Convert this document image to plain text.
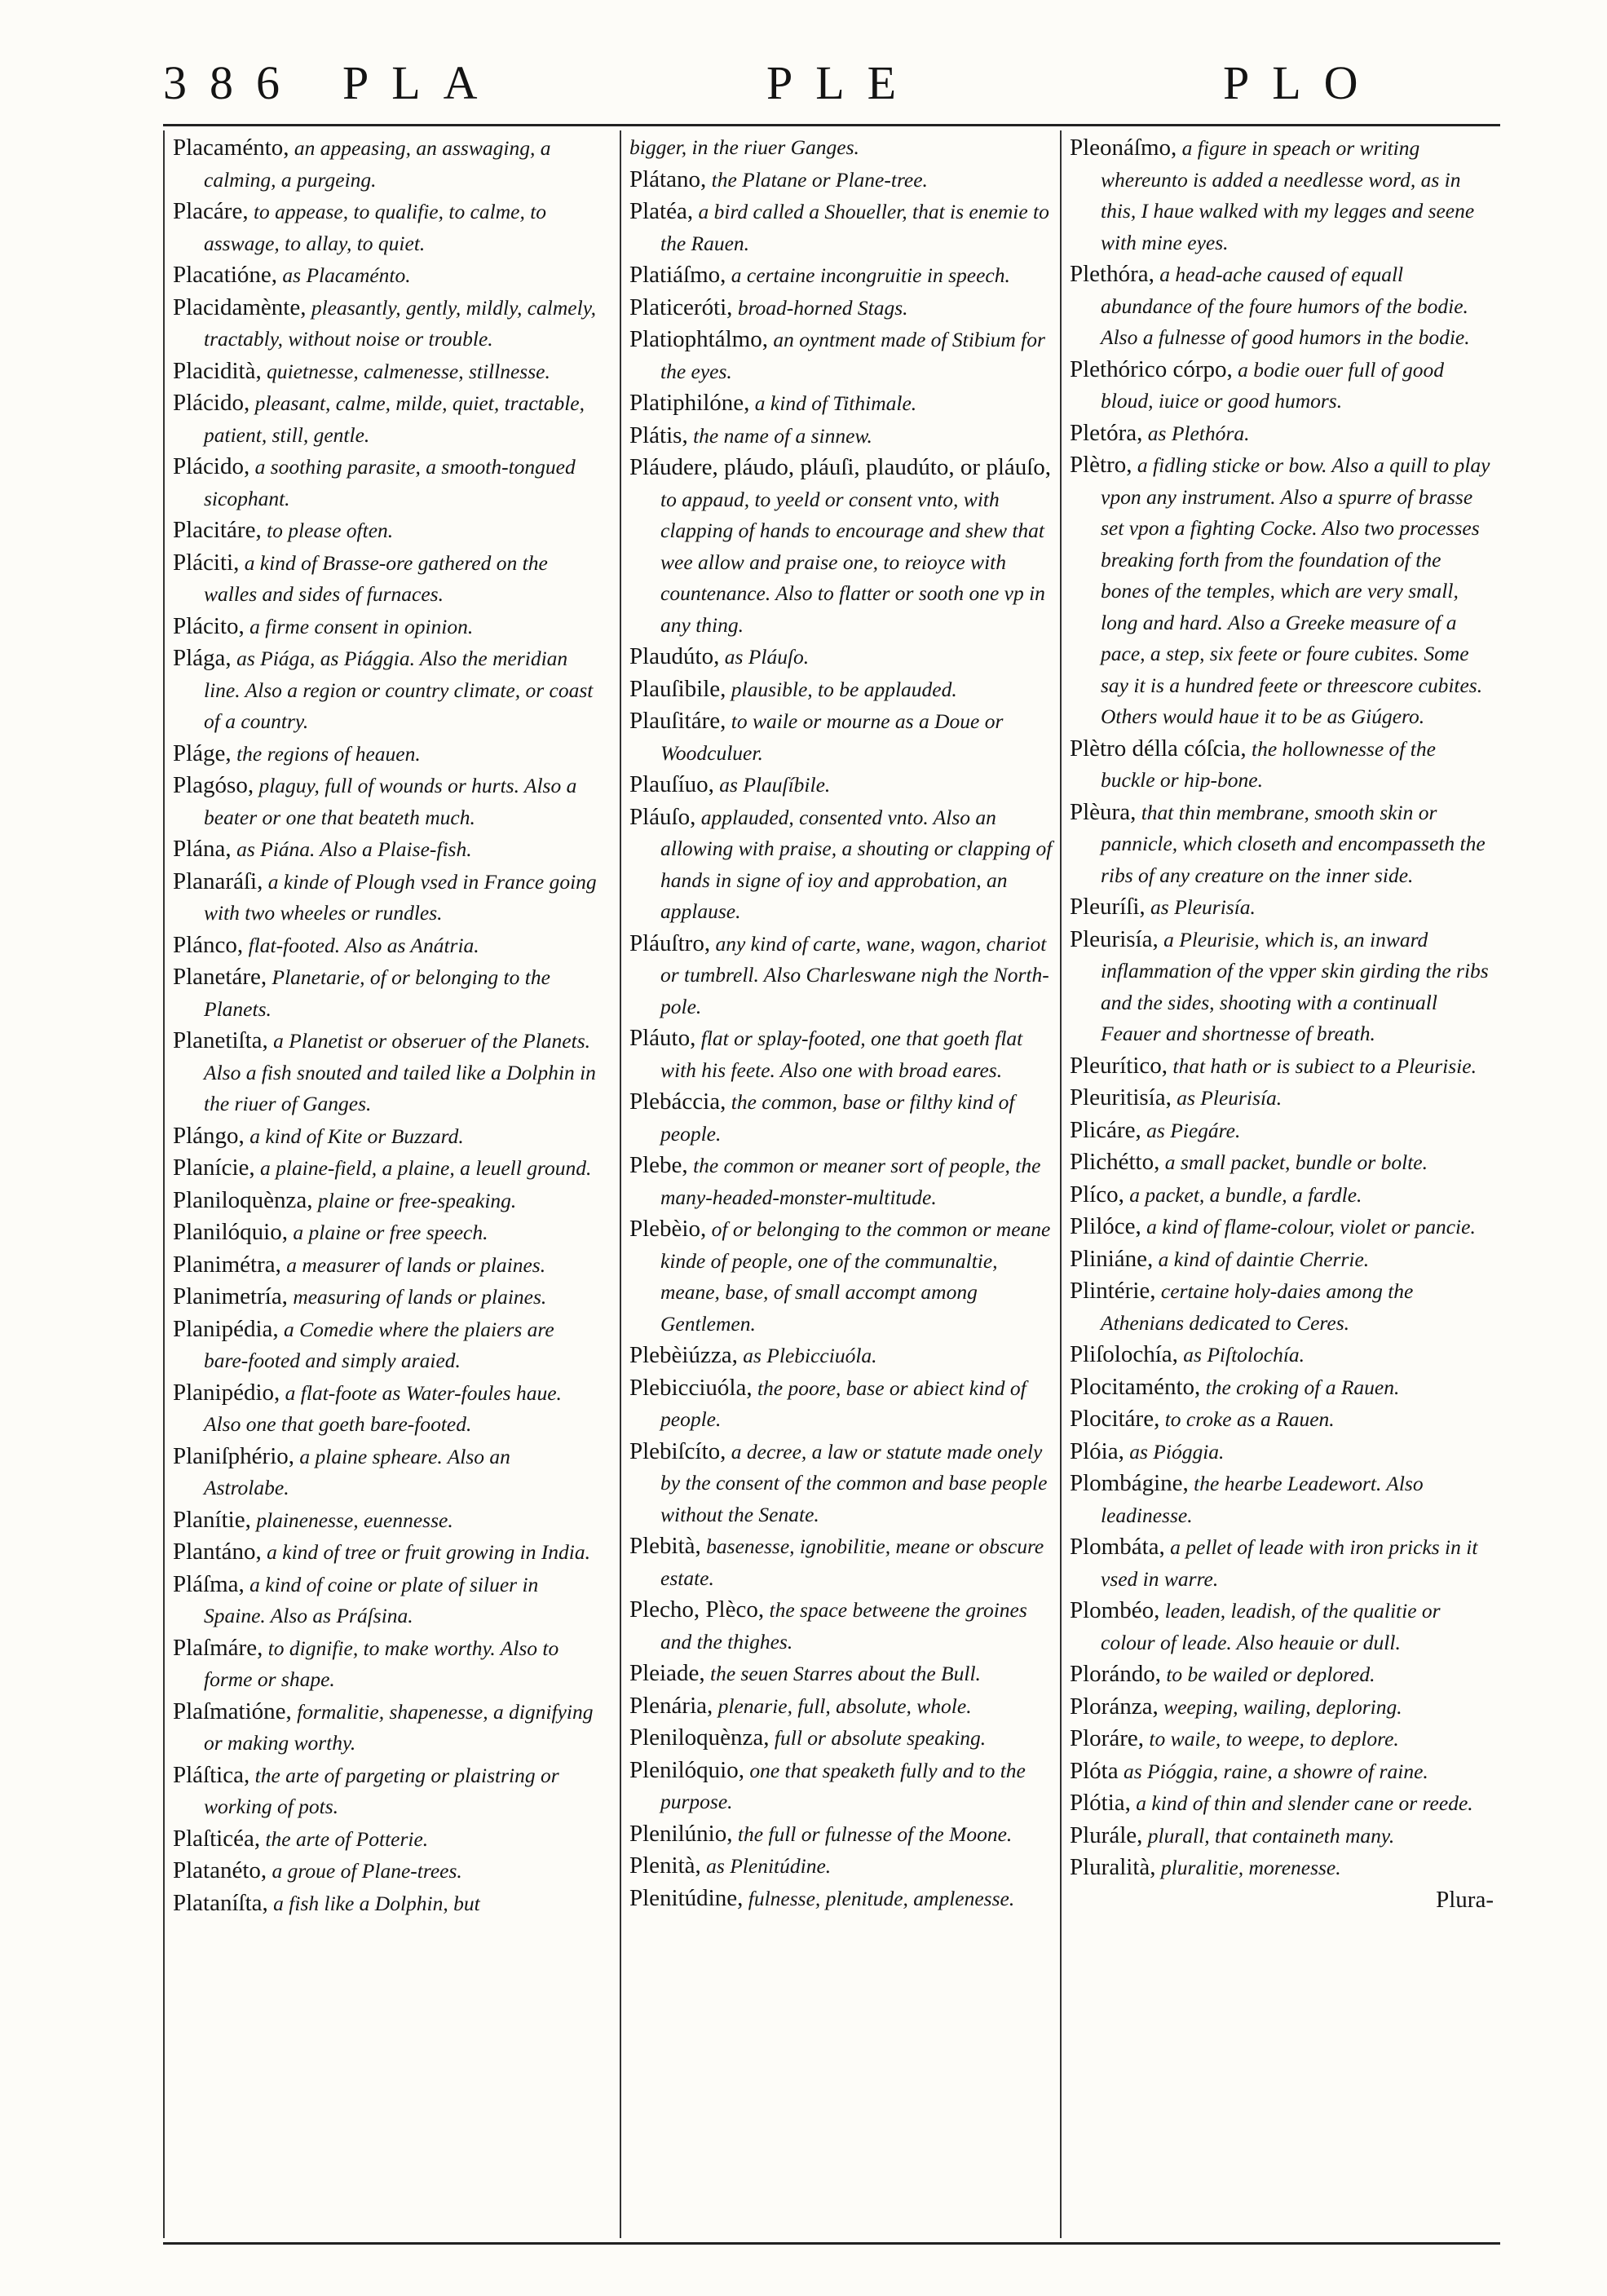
386 PLA	PLE	PLO

Placaménto, an appeasing, an asswaging, a calming, a purgeing.

Placáre, to appease, to qualifie, to calme, to asswage, to allay, to quiet.

Placatióne, as Placaménto.

Placidamènte, pleasantly, gently, mildly, calmely, tractably, without noise or trouble.

Placidità, quietnesse, calmenesse, stillnesse.

Plácido, pleasant, calme, milde, quiet, tractable, patient, still, gentle.

Plácido, a soothing parasite, a smooth-tongued sicophant.

Placitáre, to please often.

Pláciti, a kind of Brasse-ore gathered on the walles and sides of furnaces.

Plácito, a firme consent in opinion.

Plága, as Piága, as Piággia. Also the meridian line. Also a region or country climate, or coast of a country.

Pláge, the regions of heauen.

Plagóso, plaguy, full of wounds or hurts. Also a beater or one that beateth much.

Plána, as Piána. Also a Plaise-fish.

Planaráſi, a kinde of Plough vsed in France going with two wheeles or rundles.

Plánco, flat-footed. Also as Anátria.

Planetáre, Planetarie, of or belonging to the Planets.

Planetiſta, a Planetist or obseruer of the Planets. Also a fish snouted and tailed like a Dolphin in the riuer of Ganges.

Plángo, a kind of Kite or Buzzard.

Planície, a plaine-field, a plaine, a leuell ground.

Planiloquènza, plaine or free-speaking.

Planilóquio, a plaine or free speech.

Planimétra, a measurer of lands or plaines.

Planimetría, measuring of lands or plaines.

Planipédia, a Comedie where the plaiers are bare-footed and simply araied.

Planipédio, a flat-foote as Water-foules haue. Also one that goeth bare-footed.

Planiſphério, a plaine spheare. Also an Astrolabe.

Planítie, plainenesse, euennesse.

Plantáno, a kind of tree or fruit growing in India.

Pláſma, a kind of coine or plate of siluer in Spaine. Also as Práſsina.

Plaſmáre, to dignifie, to make worthy. Also to forme or shape.

Plaſmatióne, formalitie, shapenesse, a dignifying or making worthy.

Pláſtica, the arte of pargeting or plaistring or working of pots.

Plaſticéa, the arte of Potterie.

Platanéto, a groue of Plane-trees.

Plataníſta, a fish like a Dolphin, but

bigger, in the riuer Ganges.

Plátano, the Platane or Plane-tree.

Platéa, a bird called a Shoueller, that is enemie to the Rauen.

Platiáſmo, a certaine incongruitie in speech.

Platiceróti, broad-horned Stags.

Platiophtálmo, an oyntment made of Stibium for the eyes.

Platiphilóne, a kind of Tithimale.

Plátis, the name of a sinnew.

Pláudere, pláudo, pláuſi, plaudúto, or pláuſo, to appaud, to yeeld or consent vnto, with clapping of hands to encourage and shew that wee allow and praise one, to reioyce with countenance. Also to flatter or sooth one vp in any thing.

Plaudúto, as Pláuſo.

Plauſibile, plausible, to be applauded.

Plauſitáre, to waile or mourne as a Doue or Woodculuer.

Plauſíuo, as Plauſíbile.

Pláuſo, applauded, consented vnto. Also an allowing with praise, a shouting or clapping of hands in signe of ioy and approbation, an applause.

Pláuſtro, any kind of carte, wane, wagon, chariot or tumbrell. Also Charleswane nigh the North-pole.

Pláuto, flat or splay-footed, one that goeth flat with his feete. Also one with broad eares.

Plebáccia, the common, base or filthy kind of people.

Plebe, the common or meaner sort of people, the many-headed-monster-multitude.

Plebèio, of or belonging to the common or meane kinde of people, one of the communaltie, meane, base, of small accompt among Gentlemen.

Plebèiúzza, as Plebicciuóla.

Plebicciuóla, the poore, base or abiect kind of people.

Plebiſcíto, a decree, a law or statute made onely by the consent of the common and base people without the Senate.

Plebità, basenesse, ignobilitie, meane or obscure estate.

Plecho, Plèco, the space betweene the groines and the thighes.

Pleiade, the seuen Starres about the Bull.

Plenária, plenarie, full, absolute, whole.

Pleniloquènza, full or absolute speaking.

Plenilóquio, one that speaketh fully and to the purpose.

Plenilúnio, the full or fulnesse of the Moone.

Plenità, as Plenitúdine.

Plenitúdine, fulnesse, plenitude, amplenesse.

Pleonáſmo, a figure in speach or writing whereunto is added a needlesse word, as in this, I haue walked with my legges and seene with mine eyes.

Plethóra, a head-ache caused of equall abundance of the foure humors of the bodie. Also a fulnesse of good humors in the bodie.

Plethórico córpo, a bodie ouer full of good bloud, iuice or good humors.

Pletóra, as Plethóra.

Plètro, a fidling sticke or bow. Also a quill to play vpon any instrument. Also a spurre of brasse set vpon a fighting Cocke. Also two processes breaking forth from the foundation of the bones of the temples, which are very small, long and hard. Also a Greeke measure of a pace, a step, six feete or foure cubites. Some say it is a hundred feete or threescore cubites. Others would haue it to be as Giúgero.

Plètro délla cóſcia, the hollownesse of the buckle or hip-bone.

Plèura, that thin membrane, smooth skin or pannicle, which closeth and encompasseth the ribs of any creature on the inner side.

Pleuríſi, as Pleurisía.

Pleurisía, a Pleurisie, which is, an inward inflammation of the vpper skin girding the ribs and the sides, shooting with a continuall Feauer and shortnesse of breath.

Pleurítico, that hath or is subiect to a Pleurisie.

Pleuritisía, as Pleurisía.

Plicáre, as Piegáre.

Plichétto, a small packet, bundle or bolte.

Plíco, a packet, a bundle, a fardle.

Plilóce, a kind of flame-colour, violet or pancie.

Pliniáne, a kind of daintie Cherrie.

Plintérie, certaine holy-daies among the Athenians dedicated to Ceres.

Pliſolochía, as Piſtolochía.

Plocitaménto, the croking of a Rauen.

Plocitáre, to croke as a Rauen.

Plóia, as Pióggia.

Plombágine, the hearbe Leadewort. Also leadinesse.

Plombáta, a pellet of leade with iron pricks in it vsed in warre.

Plombéo, leaden, leadish, of the qualitie or colour of leade. Also heauie or dull.

Plorándo, to be wailed or deplored.

Ploránza, weeping, wailing, deploring.

Ploráre, to waile, to weepe, to deplore.

Plóta as Pióggia, raine, a showre of raine.

Plótia, a kind of thin and slender cane or reede.

Plurále, plurall, that containeth many.

Pluralità, pluralitie, morenesse.

Plura-
